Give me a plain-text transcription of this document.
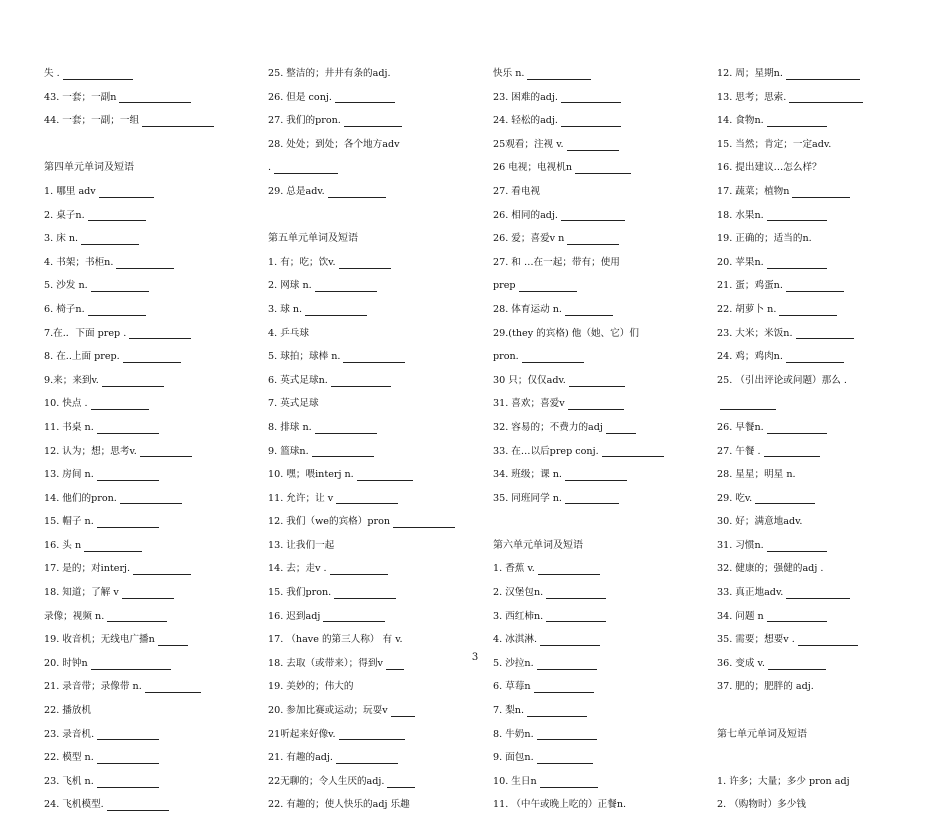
失 .
43. 一套；一副n
44. 一套；一副；一组
第四单元单词及短语
1. 哪里 adv
2. 桌子n.
3. 床 n.
4. 书架；书柜n.
5. 沙发 n.
6. 椅子n.
7.在.．下面 prep .
8. 在..上面 prep.
9.来；来到v.
10. 快点 .
11. 书桌 n.
12. 认为；想；思考v.
13. 房间 n.
14. 他们的pron.
15. 帽子 n.
16. 头 n
17. 是的；对interj.
18. 知道；了解 v
录像；视频 n.
19. 收音机；无线电广播n
20. 时钟n
21. 录音带；录像带 n.
22. 播放机
23. 录音机.
22. 模型 n.
23. 飞机 n.
24. 飞机模型.
25. 整洁的；井井有条的adj.
26. 但是 conj.
27. 我们的pron.
28. 处处；到处；各个地方adv
.
29. 总是adv.
第五单元单词及短语
1. 有；吃；饮v.
2. 网球 n.
3. 球 n.
4. 乒乓球
5. 球拍；球棒 n.
6. 英式足球n.
7. 英式足球
8. 排球 n.
9. 篮球n.
10. 嘿；喂interj n.
11. 允许；让 v
12. 我们（we的宾格）pron
13. 让我们一起
14. 去；走v .
15. 我们pron.
16. 迟到adj
17. （have 的第三人称） 有 v.
18. 去取（或带来）；得到v
19. 美妙的；伟大的
20. 参加比赛或运动；玩耍v
21听起来好像v.
21. 有趣的adj.
22无聊的；令人生厌的adj.
22. 有趣的；使人快乐的adj 乐趣
快乐 n.
23. 困难的adj.
24. 轻松的adj.
25观看；注视 v.
26 电视；电视机n
27. 看电视
26. 相同的adj.
26. 爱；喜爱v n
27. 和 …在一起；带有；使用
prep
28. 体育运动 n.
29.(they 的宾格) 他（她、它）们
pron.
30 只；仅仅adv.
31. 喜欢；喜爱v
32. 容易的；不费力的adj
33. 在…以后prep conj.
34. 班级；课 n.
35. 同班同学 n.
第六单元单词及短语
1. 香蕉 v.
2. 汉堡包n.
3. 西红柿n.
4. 冰淇淋.
5. 沙拉n.
6. 草莓n
7. 梨n.
8. 牛奶n.
9. 面包n.
10. 生日n
11. （中午或晚上吃的）正餐n.
12. 周；星期n.
13. 思考；思索.
14. 食物n.
15. 当然；肯定；一定adv.
16. 提出建议…怎么样？
17. 蔬菜；植物n
18. 水果n.
19. 正确的；适当的n.
20. 苹果n.
21. 蛋；鸡蛋n.
22. 胡萝卜 n.
23. 大米；米饭n.
24. 鸡；鸡肉n.
25. （引出评论或问题）那么 .
26. 早餐n.
27. 午餐 .
28. 星星；明星 n.
29. 吃v.
30. 好；满意地adv.
31. 习惯n.
32. 健康的；强健的adj .
33. 真正地adv.
34. 问题 n
35. 需要；想要v .
36. 变成 v.
37. 肥的；肥胖的 adj.
第七单元单词及短语
1. 许多；大量；多少 pron adj
2. （购物时）多少钱
3
